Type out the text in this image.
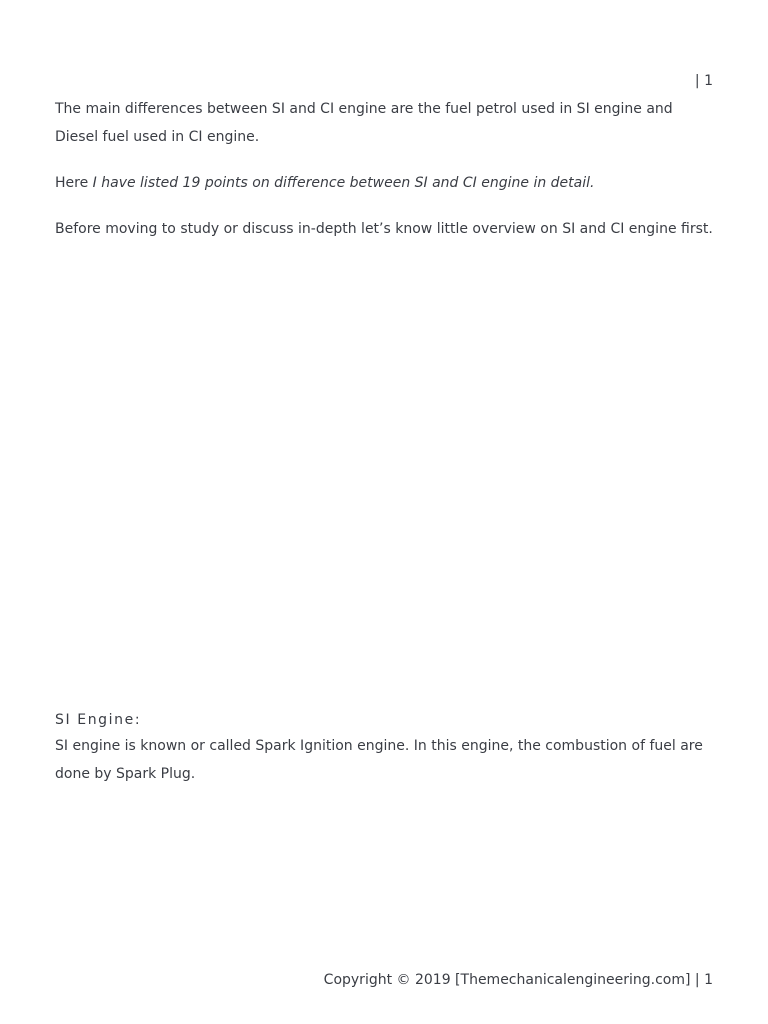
| 1

The main differences between SI and CI engine are the fuel petrol used in SI engine and Diesel fuel used in CI engine.

Here I have listed 19 points on difference between SI and CI engine in detail.

Before moving to study or discuss in-depth let’s know little overview on SI and CI engine first.

SI Engine:

SI engine is known or called Spark Ignition engine. In this engine, the combustion of fuel are done by Spark Plug.

Copyright © 2019 [Themechanicalengineering.com] | 1
